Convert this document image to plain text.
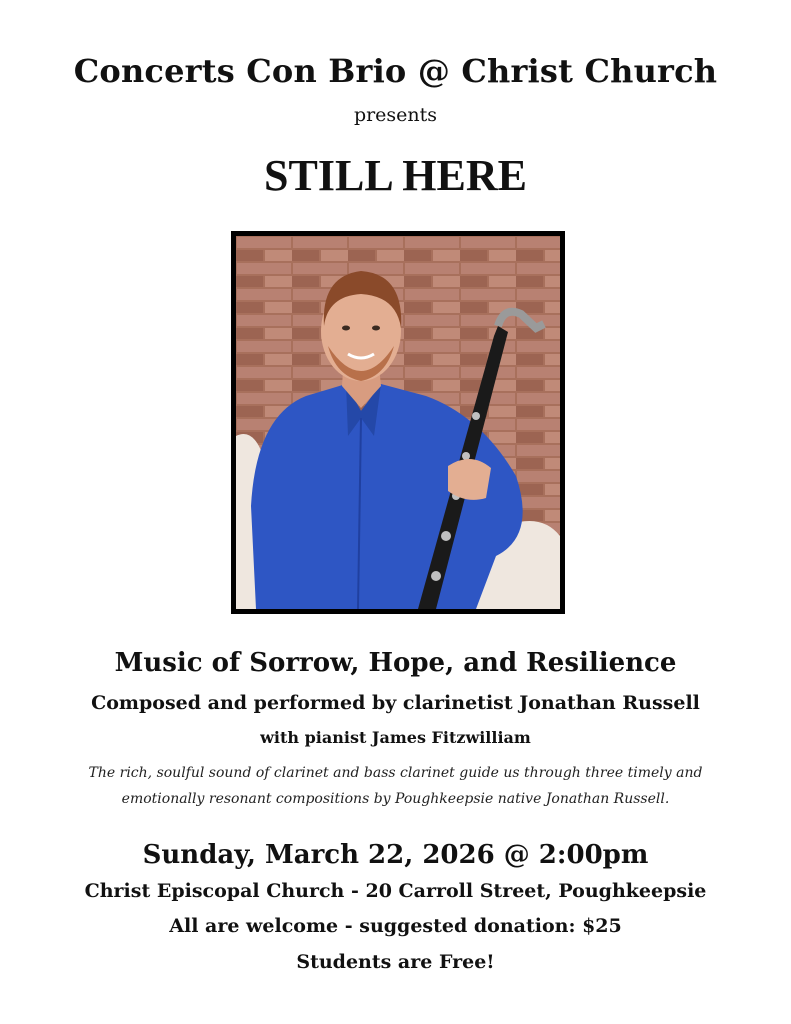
Concerts Con Brio @ Christ Church
presents
STILL HERE
Music of Sorrow, Hope, and Resilience
Composed and performed by clarinetist Jonathan Russell
with pianist James Fitzwilliam
The rich, soulful sound of clarinet and bass clarinet guide us through three timely and emotionally resonant compositions by Poughkeepsie native Jonathan Russell.
Sunday, March 22, 2026 @ 2:00pm
Christ Episcopal Church - 20 Carroll Street, Poughkeepsie
All are welcome - suggested donation: $25
Students are Free!
